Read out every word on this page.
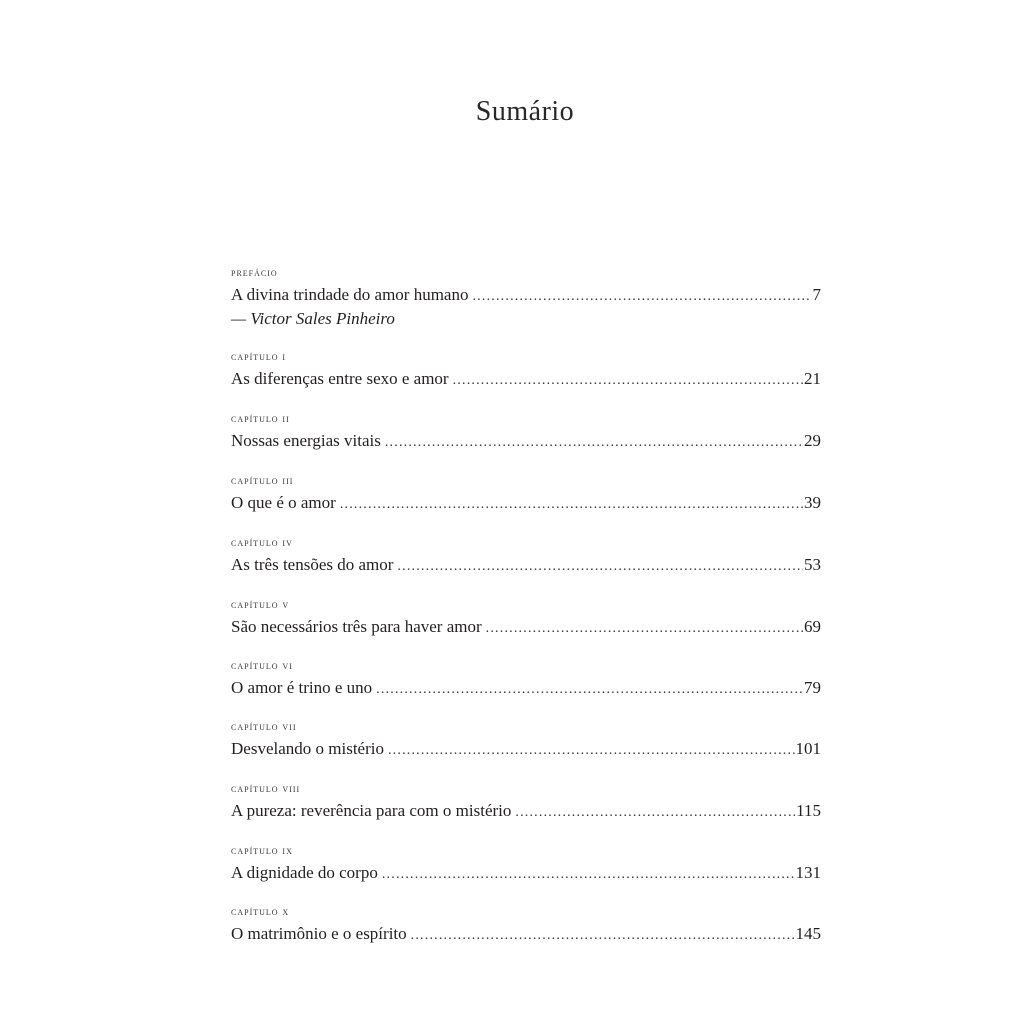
Sumário
prefácio
A divina trindade do amor humano .....	7
— Victor Sales Pinheiro
capítulo i
As diferenças entre sexo e amor .....	21
capítulo ii
Nossas energias vitais .....	29
capítulo iii
O que é o amor .....	39
capítulo iv
As três tensões do amor .....	53
capítulo v
São necessários três para haver amor .....	69
capítulo vi
O amor é trino e uno .....	79
capítulo vii
Desvelando o mistério .....	101
capítulo viii
A pureza: reverência para com o mistério .....	115
capítulo ix
A dignidade do corpo .....	131
capítulo x
O matrimônio e o espírito .....	145
